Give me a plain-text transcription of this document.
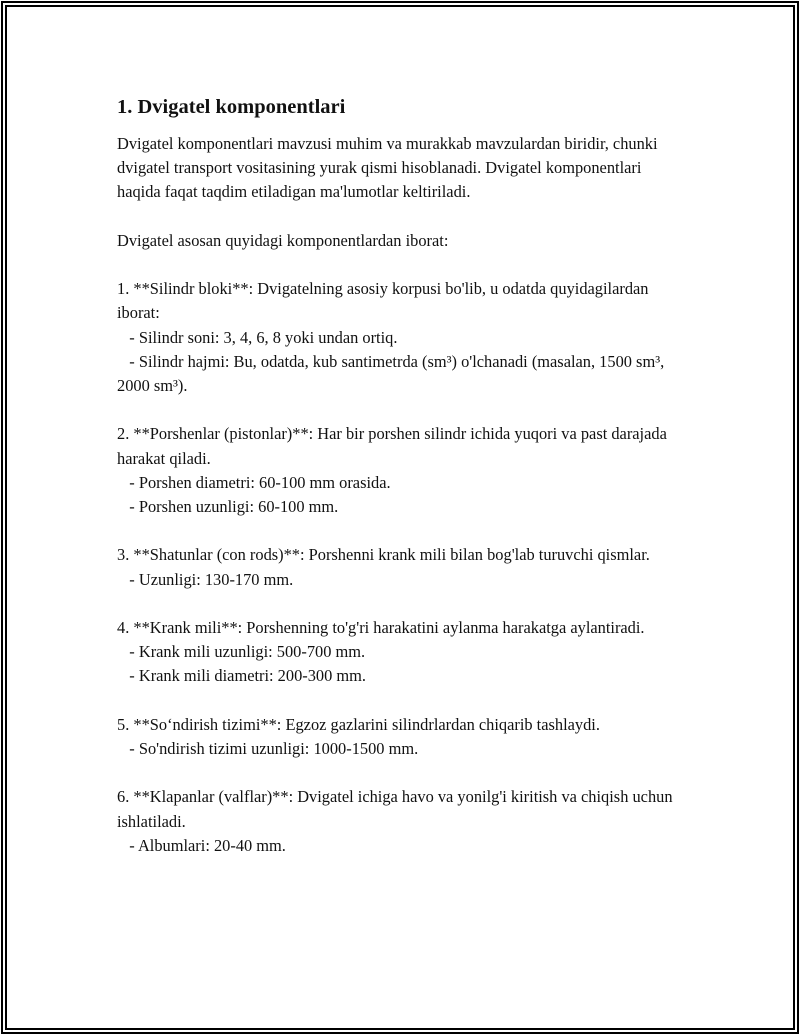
1. Dvigatel komponentlari
Dvigatel komponentlari mavzusi muhim va murakkab mavzulardan biridir, chunki dvigatel transport vositasining yurak qismi hisoblanadi. Dvigatel komponentlari haqida faqat taqdim etiladigan ma'lumotlar keltiriladi.
Dvigatel asosan quyidagi komponentlardan iborat:
1. **Silindr bloki**: Dvigatelning asosiy korpusi bo'lib, u odatda quyidagilardan iborat:
- Silindr soni: 3, 4, 6, 8 yoki undan ortiq.
- Silindr hajmi: Bu, odatda, kub santimetrda (sm³) o'lchanadi (masalan, 1500 sm³, 2000 sm³).
2. **Porshenlar (pistonlar)**: Har bir porshen silindr ichida yuqori va past darajada harakat qiladi.
- Porshen diametri: 60-100 mm orasida.
- Porshen uzunligi: 60-100 mm.
3. **Shatunlar (con rods)**: Porshenni krank mili bilan bog'lab turuvchi qismlar.
- Uzunligi: 130-170 mm.
4. **Krank mili**: Porshenning to'g'ri harakatini aylanma harakatga aylantiradi.
- Krank mili uzunligi: 500-700 mm.
- Krank mili diametri: 200-300 mm.
5. **So‘ndirish tizimi**: Egzoz gazlarini silindrlardan chiqarib tashlaydi.
- So'ndirish tizimi uzunligi: 1000-1500 mm.
6. **Klapanlar (valflar)**: Dvigatel ichiga havo va yonilg'i kiritish va chiqish uchun ishlatiladi.
- Albumlari: 20-40 mm.
